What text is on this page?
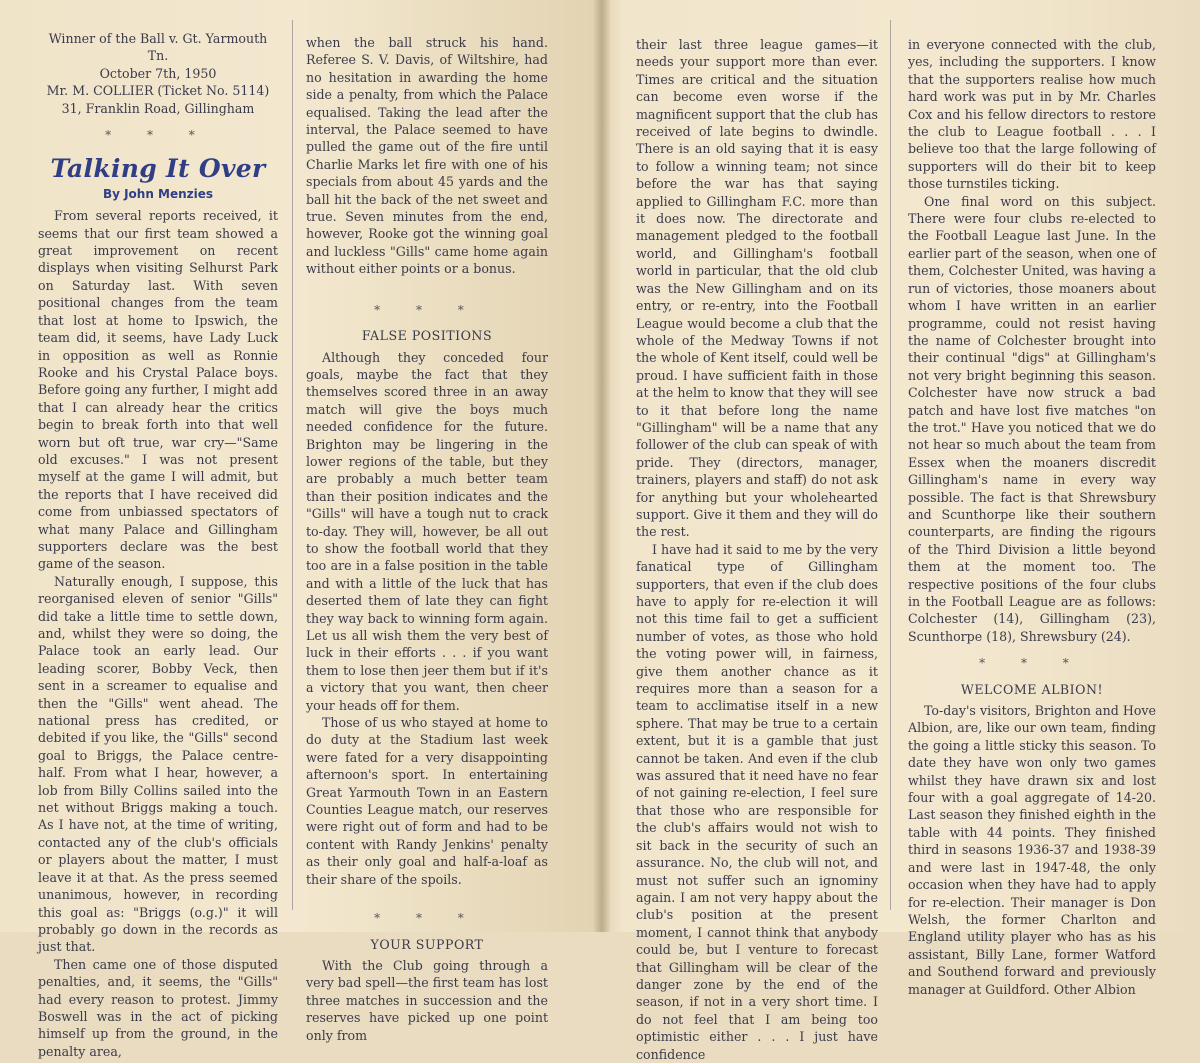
Winner of the Ball v. Gt. Yarmouth Tn.
October 7th, 1950
Mr. M. COLLIER (Ticket No. 5114)
31, Franklin Road, Gillingham
* * *
Talking It Over
By John Menzies

From several reports received, it seems that our first team showed a great improvement on recent displays when visiting Selhurst Park on Saturday last. With seven positional changes from the team that lost at home to Ipswich, the team did, it seems, have Lady Luck in opposition as well as Ronnie Rooke and his Crystal Palace boys. Before going any further, I might add that I can already hear the critics begin to break forth into that well worn but oft true, war cry—"Same old excuses." I was not present myself at the game I will admit, but the reports that I have received did come from unbiassed spectators of what many Palace and Gillingham supporters declare was the best game of the season.

Naturally enough, I suppose, this reorganised eleven of senior "Gills" did take a little time to settle down, and, whilst they were so doing, the Palace took an early lead. Our leading scorer, Bobby Veck, then sent in a screamer to equalise and then the "Gills" went ahead. The national press has credited, or debited if you like, the "Gills" second goal to Briggs, the Palace centre-half. From what I hear, however, a lob from Billy Collins sailed into the net without Briggs making a touch. As I have not, at the time of writing, contacted any of the club's officials or players about the matter, I must leave it at that. As the press seemed unanimous, however, in recording this goal as: "Briggs (o.g.)" it will probably go down in the records as just that.

Then came one of those disputed penalties, and, it seems, the "Gills" had every reason to protest. Jimmy Boswell was in the act of picking himself up from the ground, in the penalty area,

when the ball struck his hand. Referee S. V. Davis, of Wiltshire, had no hesitation in awarding the home side a penalty, from which the Palace equalised. Taking the lead after the interval, the Palace seemed to have pulled the game out of the fire until Charlie Marks let fire with one of his specials from about 45 yards and the ball hit the back of the net sweet and true. Seven minutes from the end, however, Rooke got the winning goal and luckless "Gills" came home again without either points or a bonus.

* * *
FALSE POSITIONS

Although they conceded four goals, maybe the fact that they themselves scored three in an away match will give the boys much needed confidence for the future. Brighton may be lingering in the lower regions of the table, but they are probably a much better team than their position indicates and the "Gills" will have a tough nut to crack to-day. They will, however, be all out to show the football world that they too are in a false position in the table and with a little of the luck that has deserted them of late they can fight they way back to winning form again. Let us all wish them the very best of luck in their efforts . . . if you want them to lose then jeer them but if it's a victory that you want, then cheer your heads off for them.

Those of us who stayed at home to do duty at the Stadium last week were fated for a very disappointing afternoon's sport. In entertaining Great Yarmouth Town in an Eastern Counties League match, our reserves were right out of form and had to be content with Randy Jenkins' penalty as their only goal and half-a-loaf as their share of the spoils.

* * *
YOUR SUPPORT

With the Club going through a very bad spell—the first team has lost three matches in succession and the reserves have picked up one point only from

their last three league games—it needs your support more than ever. Times are critical and the situation can become even worse if the magnificent support that the club has received of late begins to dwindle. There is an old saying that it is easy to follow a winning team; not since before the war has that saying applied to Gillingham F.C. more than it does now. The directorate and management pledged to the football world, and Gillingham's football world in particular, that the old club was the New Gillingham and on its entry, or re-entry, into the Football League would become a club that the whole of the Medway Towns if not the whole of Kent itself, could well be proud. I have sufficient faith in those at the helm to know that they will see to it that before long the name "Gillingham" will be a name that any follower of the club can speak of with pride. They (directors, manager, trainers, players and staff) do not ask for anything but your wholehearted support. Give it them and they will do the rest.

I have had it said to me by the very fanatical type of Gillingham supporters, that even if the club does have to apply for re-election it will not this time fail to get a sufficient number of votes, as those who hold the voting power will, in fairness, give them another chance as it requires more than a season for a team to acclimatise itself in a new sphere. That may be true to a certain extent, but it is a gamble that just cannot be taken. And even if the club was assured that it need have no fear of not gaining re-election, I feel sure that those who are responsible for the club's affairs would not wish to sit back in the security of such an assurance. No, the club will not, and must not suffer such an ignominy again. I am not very happy about the club's position at the present moment, I cannot think that anybody could be, but I venture to forecast that Gillingham will be clear of the danger zone by the end of the season, if not in a very short time. I do not feel that I am being too optimistic either . . . I just have confidence

in everyone connected with the club, yes, including the supporters. I know that the supporters realise how much hard work was put in by Mr. Charles Cox and his fellow directors to restore the club to League football . . . I believe too that the large following of supporters will do their bit to keep those turnstiles ticking.

One final word on this subject. There were four clubs re-elected to the Football League last June. In the earlier part of the season, when one of them, Colchester United, was having a run of victories, those moaners about whom I have written in an earlier programme, could not resist having the name of Colchester brought into their continual "digs" at Gillingham's not very bright beginning this season. Colchester have now struck a bad patch and have lost five matches "on the trot." Have you noticed that we do not hear so much about the team from Essex when the moaners discredit Gillingham's name in every way possible. The fact is that Shrewsbury and Scunthorpe like their southern counterparts, are finding the rigours of the Third Division a little beyond them at the moment too. The respective positions of the four clubs in the Football League are as follows: Colchester (14), Gillingham (23), Scunthorpe (18), Shrewsbury (24).

* * *
WELCOME ALBION!

To-day's visitors, Brighton and Hove Albion, are, like our own team, finding the going a little sticky this season. To date they have won only two games whilst they have drawn six and lost four with a goal aggregate of 14-20. Last season they finished eighth in the table with 44 points. They finished third in seasons 1936-37 and 1938-39 and were last in 1947-48, the only occasion when they have had to apply for re-election. Their manager is Don Welsh, the former Charlton and England utility player who has as his assistant, Billy Lane, former Watford and Southend forward and previously manager at Guildford. Other Albion
